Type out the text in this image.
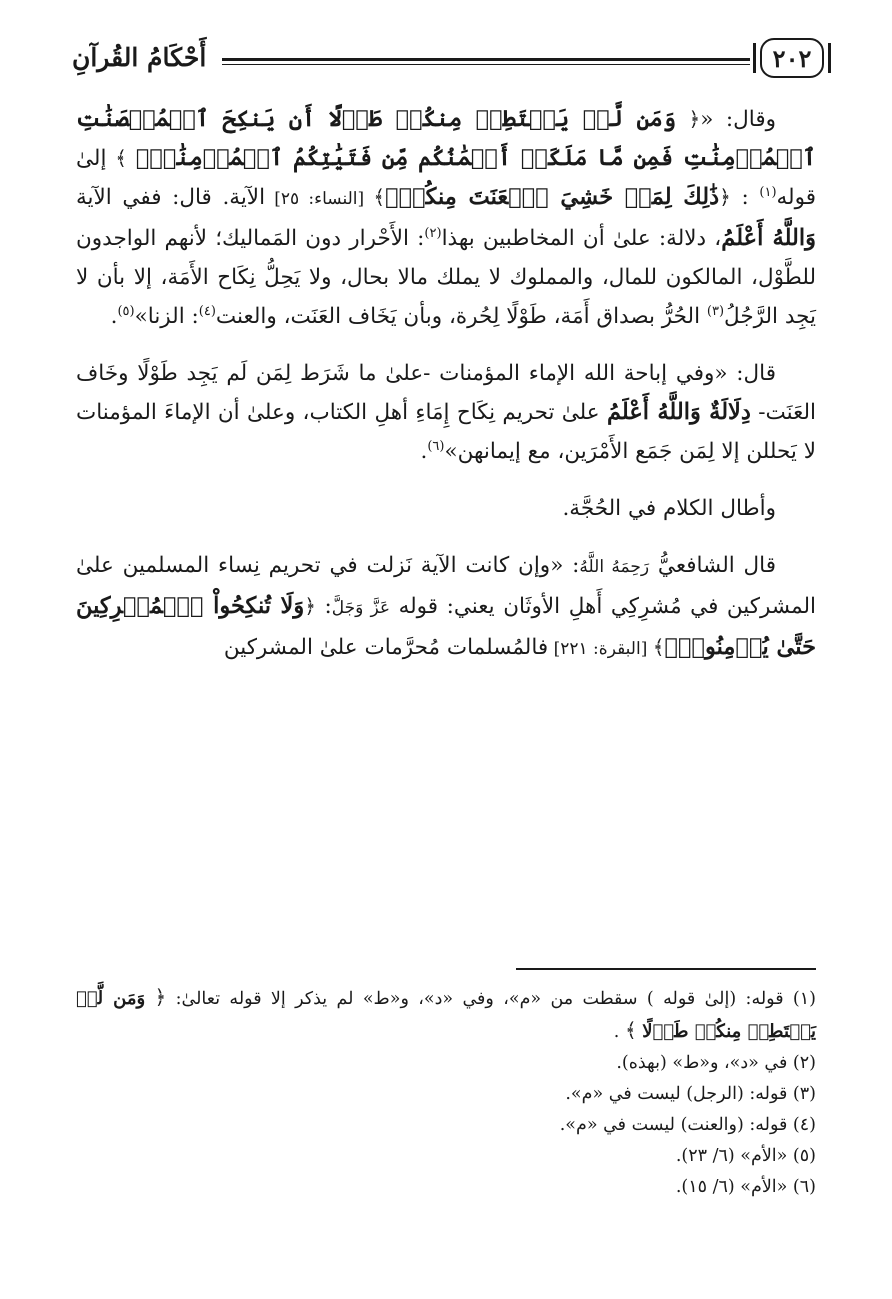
٢٠٢
أَحْكَامُ القُرآنِ

وقال: «﴿ وَمَن لَّمۡ يَسۡتَطِعۡ مِنكُمۡ طَوۡلًا أَن يَنكِحَ ٱلۡمُحۡصَنَٰتِ ٱلۡمُؤۡمِنَٰتِ فَمِن مَّا مَلَكَتۡ أَيۡمَٰنُكُم مِّن فَتَيَٰتِكُمُ ٱلۡمُؤۡمِنَٰتِۚ ﴾ إلىٰ قوله$^{(١)}$ : ﴿ذَٰلِكَ لِمَنۡ خَشِيَ ٱلۡعَنَتَ مِنكُمۡۚ﴾ [النساء: ٢٥] الآية. قال: ففي الآية وَاللَّهُ أَعْلَمُ، دلالة: علىٰ أن المخاطبين بهذا$^{(٢)}$: الأَحْرار دون المَماليك؛ لأنهم الواجدون للطَّوْل، المالكون للمال، والمملوك لا يملك مالا بحال، ولا يَحِلُّ نِكَاح الأَمَة، إلا بأن لا يَجِد الرَّجُلُ$^{(٣)}$ الحُرُّ بصداق أَمَة، طَوْلًا لِحُرة، وبأن يَخَاف العَنَت، والعنت$^{(٤)}$: الزنا»$^{(٥)}$.

قال: «وفي إباحة الله الإماء المؤمنات -علىٰ ما شَرَط لِمَن لَم يَجِد طَوْلًا وخَاف العَنَت- دِلَالَةٌ وَاللَّهُ أَعْلَمُ علىٰ تحريم نِكَاح إِمَاءِ أهلِ الكتاب، وعلىٰ أن الإماءَ المؤمنات لا يَحللن إلا لِمَن جَمَع الأَمْرَين، مع إيمانهن»$^{(٦)}$.

وأطال الكلام في الحُجَّة.

قال الشافعيُّ رَحِمَهُ اللَّهُ: «وإن كانت الآية نَزلت في تحريم نِساء المسلمين علىٰ المشركين في مُشرِكِي أَهلِ الأوثَان يعني: قوله عَزَّ وَجَلَّ: ﴿وَلَا تُنكِحُواْ ٱلۡمُشۡرِكِينَ حَتَّىٰ يُؤۡمِنُواْۚ﴾ [البقرة: ٢٢١] فالمُسلمات مُحرَّمات علىٰ المشركين

(١) قوله: (إلىٰ قوله ) سقطت من «م»، وفي «د»، و«ط» لم يذكر إلا قوله تعالىٰ: ﴿ وَمَن لَّمۡ يَسۡتَطِعۡ مِنكُمۡ طَوۡلًا ﴾ .

(٢) في «د»، و«ط» (بهذه).

(٣) قوله: (الرجل) ليست في «م».

(٤) قوله: (والعنت) ليست في «م».

(٥) «الأم» (٦/ ٢٣).

(٦) «الأم» (٦/ ١٥).
